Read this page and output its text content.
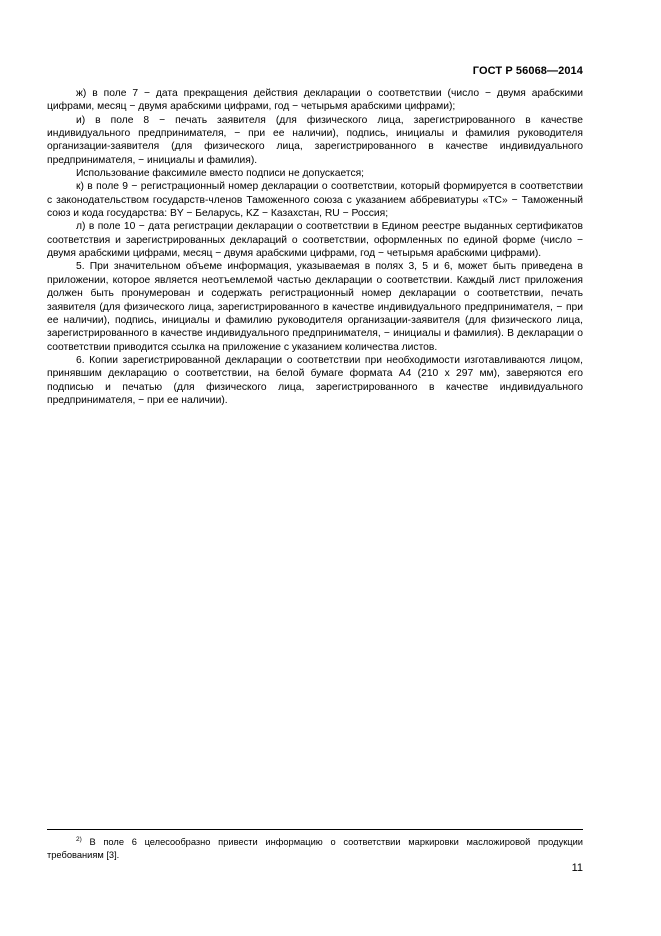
ГОСТ Р 56068—2014

ж) в поле 7 − дата прекращения действия декларации о соответствии (число − двумя арабскими цифрами, месяц − двумя арабскими цифрами, год − четырьмя арабскими цифрами);

и) в поле 8 − печать заявителя (для физического лица, зарегистрированного в качестве индивидуального предпринимателя, − при ее наличии), подпись, инициалы и фамилия руководителя организации-заявителя (для физического лица, зарегистрированного в качестве индивидуального предпринимателя, − инициалы и фамилия).

Использование факсимиле вместо подписи не допускается;

к) в поле 9 − регистрационный номер декларации о соответствии, который формируется в соответствии с законодательством государств-членов Таможенного союза с указанием аббревиатуры «ТС» − Таможенный союз и кода государства: BY − Беларусь, KZ − Казахстан, RU − Россия;

л) в поле 10 − дата регистрации декларации о соответствии в Едином реестре выданных сертификатов соответствия и зарегистрированных деклараций о соответствии, оформленных по единой форме (число − двумя арабскими цифрами, месяц − двумя арабскими цифрами, год − четырьмя арабскими цифрами).

5. При значительном объеме информация, указываемая в полях 3, 5 и 6, может быть приведена в приложении, которое является неотъемлемой частью декларации о соответствии. Каждый лист приложения должен быть пронумерован и содержать регистрационный номер декларации о соответствии, печать заявителя (для физического лица, зарегистрированного в качестве индивидуального предпринимателя, − при ее наличии), подпись, инициалы и фамилию руководителя организации-заявителя (для физического лица, зарегистрированного в качестве индивидуального предпринимателя, − инициалы и фамилия). В декларации о соответствии приводится ссылка на приложение с указанием количества листов.

6. Копии зарегистрированной декларации о соответствии при необходимости изготавливаются лицом, принявшим декларацию о соответствии, на белой бумаге формата А4 (210 х 297 мм), заверяются его подписью и печатью (для физического лица, зарегистрированного в качестве индивидуального предпринимателя, − при ее наличии).

$^{2)}$ В поле 6 целесообразно привести информацию о соответствии маркировки масложировой продукции требованиям [3].
11
